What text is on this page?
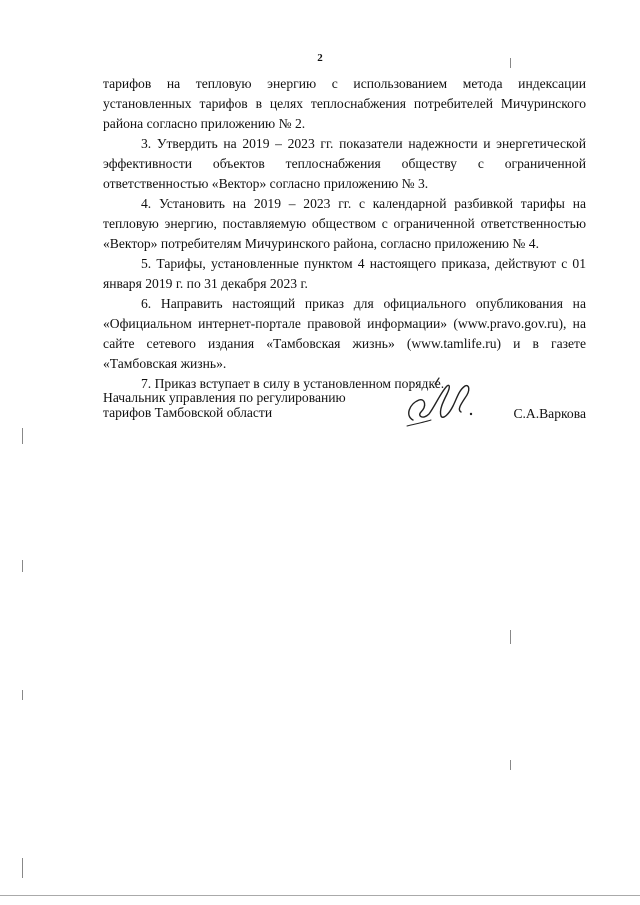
2

тарифов на тепловую энергию с использованием метода индексации установленных тарифов в целях теплоснабжения потребителей Мичуринского района согласно приложению № 2.

3. Утвердить на 2019 – 2023 гг. показатели надежности и энергетической эффективности объектов теплоснабжения обществу с ограниченной ответственностью «Вектор» согласно приложению № 3.

4. Установить на 2019 – 2023 гг. с календарной разбивкой тарифы на тепловую энергию, поставляемую обществом с ограниченной ответственностью «Вектор» потребителям Мичуринского района, согласно приложению № 4.

5. Тарифы, установленные пунктом 4 настоящего приказа, действуют с 01 января 2019 г. по 31 декабря 2023 г.

6. Направить настоящий приказ для официального опубликования на «Официальном интернет-портале правовой информации» (www.pravo.gov.ru), на сайте сетевого издания «Тамбовская жизнь» (www.tamlife.ru) и в газете «Тамбовская жизнь».

7. Приказ вступает в силу в установленном порядке.

Начальник управления по регулированию
тарифов Тамбовской области	С.А.Варкова
